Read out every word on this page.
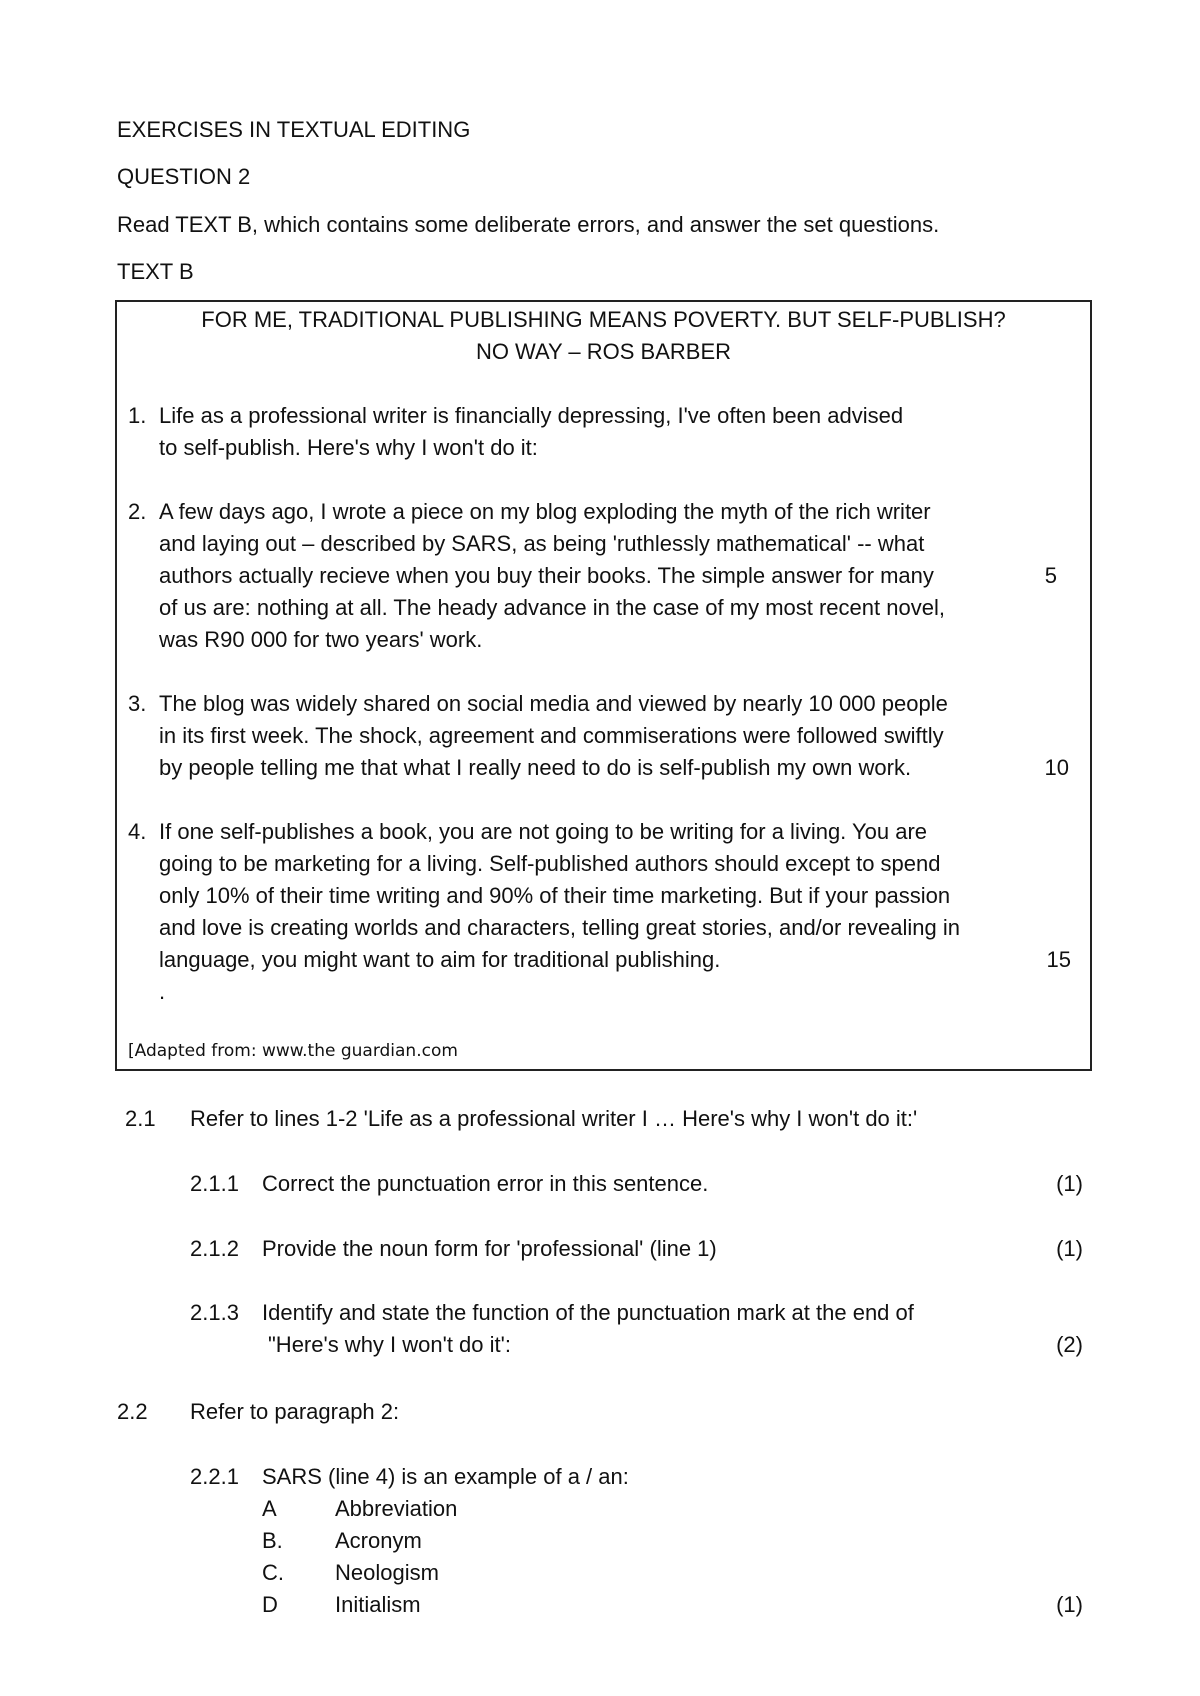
EXERCISES IN TEXTUAL EDITING
QUESTION 2
Read TEXT B, which contains some deliberate errors, and answer the set questions.
TEXT B
FOR ME, TRADITIONAL PUBLISHING MEANS POVERTY. BUT SELF-PUBLISH?
NO WAY – ROS BARBER
1. Life as a professional writer is financially depressing, I've often been advised
to self-publish. Here's why I won't do it:
2. A few days ago, I wrote a piece on my blog exploding the myth of the rich writer
and laying out – described by SARS, as being 'ruthlessly mathematical' -- what
authors actually recieve when you buy their books. The simple answer for many
of us are: nothing at all. The heady advance in the case of my most recent novel,
was R90 000 for two years' work.
5
3. The blog was widely shared on social media and viewed by nearly 10 000 people
in its first week. The shock, agreement and commiserations were followed swiftly
by people telling me that what I really need to do is self-publish my own work.	10
4. If one self-publishes a book, you are not going to be writing for a living. You are
going to be marketing for a living. Self-published authors should except to spend
only 10% of their time writing and 90% of their time marketing. But if your passion
and love is creating worlds and characters, telling great stories, and/or revealing in
language, you might want to aim for traditional publishing.
.
15
[Adapted from: www.the guardian.com
2.1 Refer to lines 1-2 'Life as a professional writer I … Here's why I won't do it:'
2.1.1 Correct the punctuation error in this sentence.	(1)
2.1.2 Provide the noun form for 'professional' (line 1)	(1)
2.1.3 Identify and state the function of the punctuation mark at the end of
"Here's why I won't do it':	(2)
2.2 Refer to paragraph 2:
2.2.1 SARS (line 4) is an example of a / an:
A	Abbreviation
B. Acronym
C. Neologism
D	Initialism	(1)
